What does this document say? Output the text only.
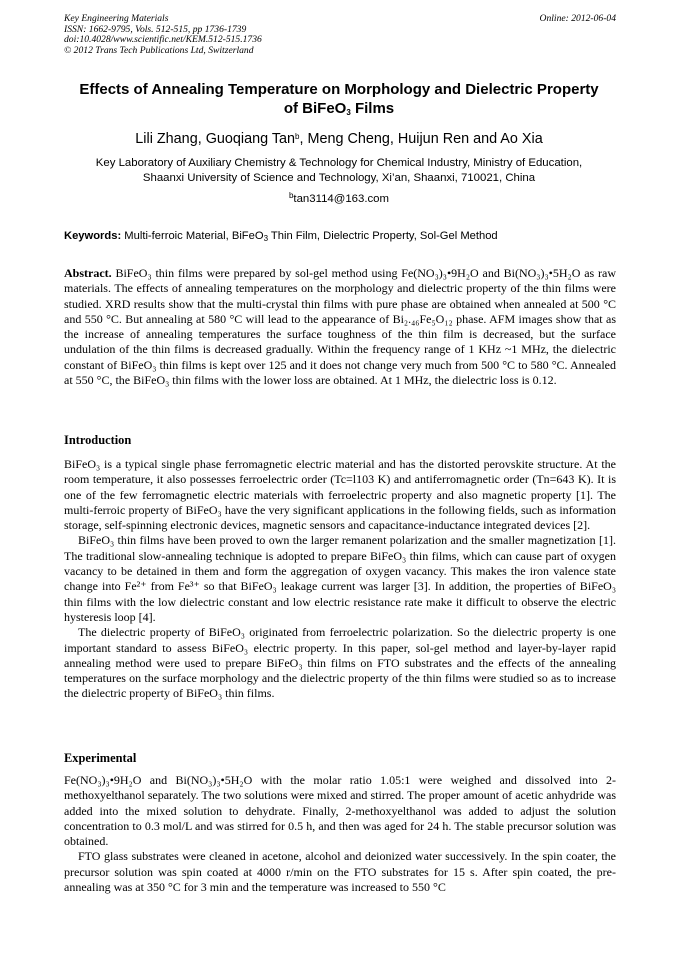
Key Engineering Materials
ISSN: 1662-9795, Vols. 512-515, pp 1736-1739
doi:10.4028/www.scientific.net/KEM.512-515.1736
© 2012 Trans Tech Publications Ltd, Switzerland
Online: 2012-06-04
Effects of Annealing Temperature on Morphology and Dielectric Property
of BiFeO$_3$ Films
Lili Zhang, Guoqiang Tan$^b$, Meng Cheng, Huijun Ren and Ao Xia
Key Laboratory of Auxiliary Chemistry & Technology for Chemical Industry, Ministry of Education,
Shaanxi University of Science and Technology, Xi’an, Shaanxi, 710021, China
$^b$tan3114@163.com
Keywords: Multi-ferroic Material, BiFeO$_3$ Thin Film, Dielectric Property, Sol-Gel Method

Abstract. BiFeO₃ thin films were prepared by sol-gel method using Fe(NO₃)₃•9H₂O and Bi(NO₃)₃•5H₂O as raw materials. The effects of annealing temperatures on the morphology and dielectric property of the thin films were studied. XRD results show that the multi-crystal thin films with pure phase are obtained when annealed at 500 °C and 550 °C. But annealing at 580 °C will lead to the appearance of Bi₂.₄₆Fe₅O₁₂ phase. AFM images show that as the increase of annealing temperatures the surface toughness of the thin film is decreased, but the surface undulation of the thin films is decreased gradually. Within the frequency range of 1 KHz ~1 MHz, the dielectric constant of BiFeO₃ thin films is kept over 125 and it does not change very much from 500 °C to 580 °C. Annealed at 550 °C, the BiFeO₃ thin films with the lower loss are obtained. At 1 MHz, the dielectric loss is 0.12.

Introduction

BiFeO₃ is a typical single phase ferromagnetic electric material and has the distorted perovskite structure. At the room temperature, it also possesses ferroelectric order (Tc=l103 K) and antiferromagnetic order (Tn=643 K). It is one of the few ferromagnetic electric materials with ferroelectric property and also magnetic property [1]. The multi-ferroic property of BiFeO₃ have the very significant applications in the following fields, such as information storage, self-spinning electronic devices, magnetic sensors and capacitance-inductance integrated devices [2].

BiFeO₃ thin films have been proved to own the larger remanent polarization and the smaller magnetization [1]. The traditional slow-annealing technique is adopted to prepare BiFeO₃ thin films, which can cause part of oxygen vacancy to be detained in them and form the aggregation of oxygen vacancy. This makes the iron valence state change into Fe²⁺ from Fe³⁺ so that BiFeO₃ leakage current was larger [3]. In addition, the properties of BiFeO₃ thin films with the low dielectric constant and low electric resistance rate make it difficult to observe the electric hysteresis loop [4].

The dielectric property of BiFeO₃ originated from ferroelectric polarization. So the dielectric property is one important standard to assess BiFeO₃ electric property. In this paper, sol-gel method and layer-by-layer rapid annealing method were used to prepare BiFeO₃ thin films on FTO substrates and the effects of the annealing temperatures on the surface morphology and the dielectric property of the thin films were studied so as to increase the dielectric property of BiFeO₃ thin films.

Experimental

Fe(NO₃)₃•9H₂O and Bi(NO₃)₃•5H₂O with the molar ratio 1.05:1 were weighed and dissolved into 2-methoxyelthanol separately. The two solutions were mixed and stirred. The proper amount of acetic anhydride was added into the mixed solution to dehydrate. Finally, 2-methoxyelthanol was added to adjust the solution concentration to 0.3 mol/L and was stirred for 0.5 h, and then was aged for 24 h. The stable precursor solution was obtained.

FTO glass substrates were cleaned in acetone, alcohol and deionized water successively. In the spin coater, the precursor solution was spin coated at 4000 r/min on the FTO substrates for 15 s. After spin coated, the pre-annealing was at 350 °C for 3 min and the temperature was increased to 550 °C
